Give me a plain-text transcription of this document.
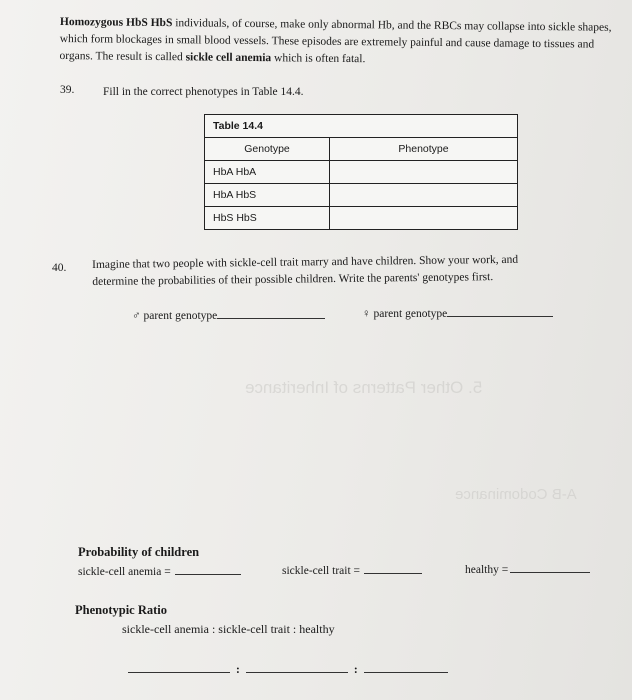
5. Other Patterns of Inheritance
A-B Codominance
Homozygous HbS HbS individuals, of course, make only abnormal Hb, and the RBCs may collapse into sickle shapes, which form blockages in small blood vessels. These episodes are extremely painful and cause damage to tissues and organs. The result is called sickle cell anemia which is often fatal.
39. Fill in the correct phenotypes in Table 14.4.
Table 14.4	
Genotype	Phenotype
HbA HbA	
HbA HbS	
HbS HbS	
40. Imagine that two people with sickle-cell trait marry and have children. Show your work, and
determine the probabilities of their possible children. Write the parents' genotypes first.
♂ parent genotype	♀ parent genotype
Probability of children
sickle-cell anemia =	sickle-cell trait =	healthy =
Phenotypic Ratio
sickle-cell anemia : sickle-cell trait : healthy
:	:
